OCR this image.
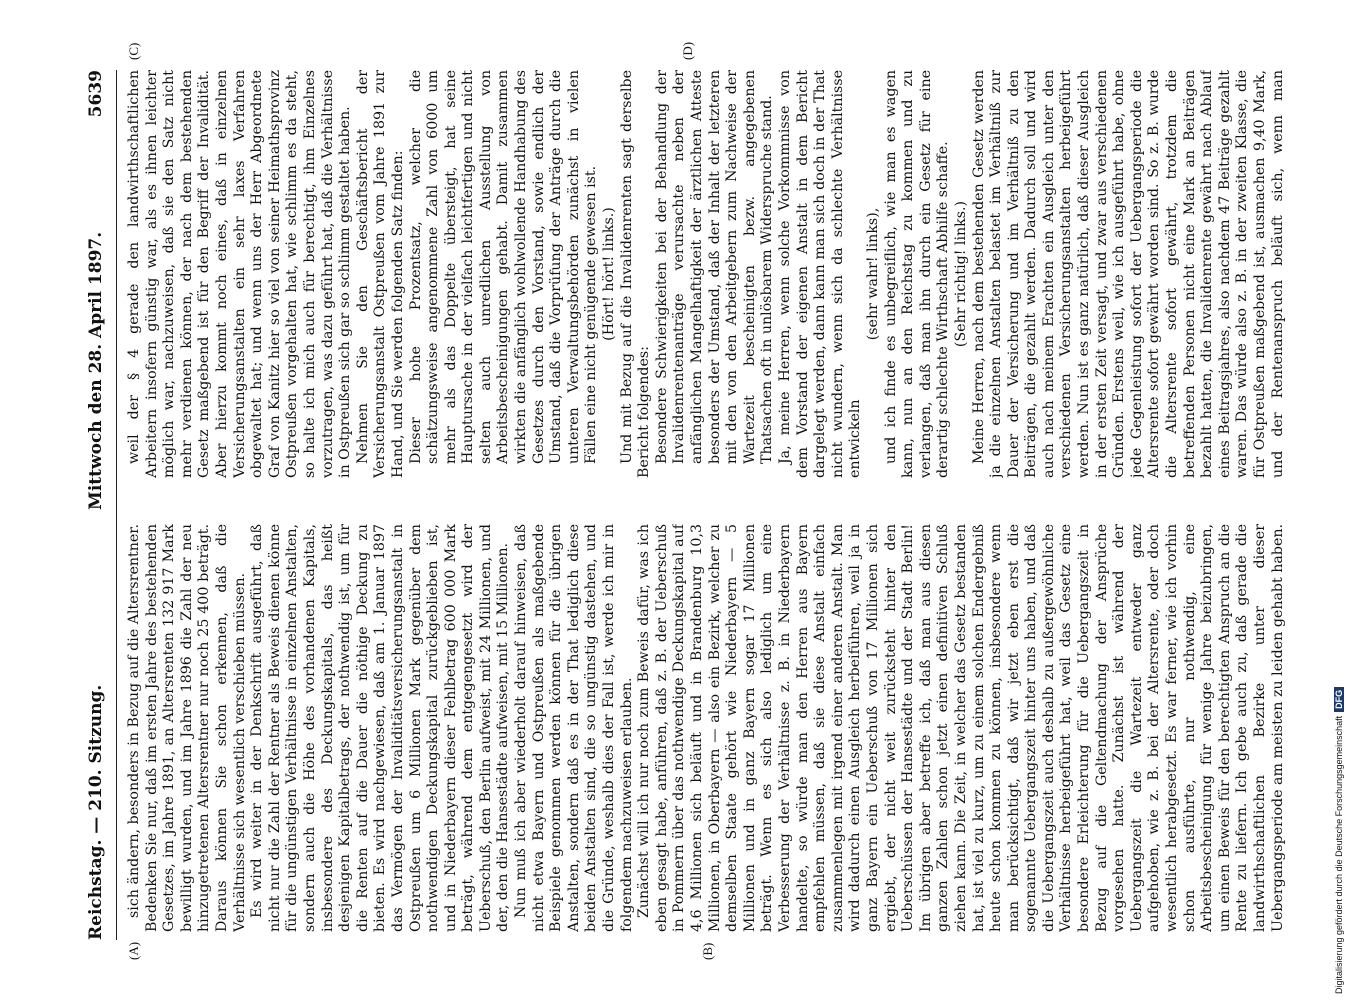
Reichstag. — 210. Sitzung.
Mittwoch den 28. April 1897.
5639
(A)	(B)
(C)	(D)

sich ändern, besonders in Bezug auf die Altersrentner. Bedenken Sie nur, daß im ersten Jahre des bestehenden Gesetzes, im Jahre 1891, an Altersrenten 132 917 Mark bewilligt wurden, und im Jahre 1896 die Zahl der neu hinzugetretenen Altersrentner nur noch 25 400 beträgt. Daraus können Sie schon erkennen, daß die Verhältnisse sich wesentlich verschieben müssen. Es wird weiter in der Denkschrift ausgeführt, daß nicht nur die Zahl der Rentner als Beweis dienen könne für die ungünstigen Verhältnisse in einzelnen Anstalten, sondern auch die Höhe des vorhandenen Kapitals, insbesondere des Deckungskapitals, das heißt desjenigen Kapitalbetrags, der nothwendig ist, um für die Renten auf die Dauer die nöthige Deckung zu bieten. Es wird nachgewiesen, daß am 1. Januar 1897 das Vermögen der Invaliditätsversicherungsanstalt in Ostpreußen um 6 Millionen Mark gegenüber dem nothwendigen Deckungskapital zurückgeblieben ist, und in Niederbayern dieser Fehlbetrag 600 000 Mark beträgt, während dem entgegengesetzt wird der Ueberschuß, den Berlin aufweist, mit 24 Millionen, und der, den die Hansestädte aufweisen, mit 15 Millionen. Nun muß ich aber wiederholt darauf hinweisen, daß nicht etwa Bayern und Ostpreußen als maßgebende Beispiele genommen werden können für die übrigen Anstalten, sondern daß es in der That lediglich diese beiden Anstalten sind, die so ungünstig dastehen, und die Gründe, weshalb dies der Fall ist, werde ich mir in folgendem nachzuweisen erlauben. Zunächst will ich nur noch zum Beweis dafür, was ich eben gesagt habe, anführen, daß z. B. der Ueberschuß in Pommern über das nothwendige Deckungskapital auf 4,6 Millionen sich beläuft und in Brandenburg 10,3 Millionen, in Oberbayern — also ein Bezirk, welcher zu demselben Staate gehört wie Niederbayern — 5 Millionen und in ganz Bayern sogar 17 Millionen beträgt. Wenn es sich also lediglich um eine Verbesserung der Verhältnisse z. B. in Niederbayern handelte, so würde man den Herren aus Bayern empfehlen müssen, daß sie diese Anstalt einfach zusammenlegen mit irgend einer anderen Anstalt. Man wird dadurch einen Ausgleich herbeiführen, weil ja in ganz Bayern ein Ueberschuß von 17 Millionen sich ergiebt, der nicht weit zurücksteht hinter den Ueberschüssen der Hansestädte und der Stadt Berlin! Im übrigen aber betreffe ich, daß man aus diesen ganzen Zahlen schon jetzt einen definitiven Schluß ziehen kann. Die Zeit, in welcher das Gesetz bestanden hat, ist viel zu kurz, um zu einem solchen Endergebniß heute schon kommen zu können, insbesondere wenn man berücksichtigt, daß wir jetzt eben erst die sogenannte Uebergangszeit hinter uns haben, und daß die Uebergangszeit auch deshalb zu außergewöhnliche Verhältnisse herbeigeführt hat, weil das Gesetz eine besondere Erleichterung für die Uebergangszeit in Bezug auf die Geltendmachung der Ansprüche vorgesehen hatte. Zunächst ist während der Uebergangszeit die Wartezeit entweder ganz aufgehoben, wie z. B. bei der Altersrente, oder doch wesentlich herabgesetzt. Es war ferner, wie ich vorhin schon ausführte, nur nothwendig, eine Arbeitsbescheinigung für wenige Jahre beizubringen, um einen Beweis für den berechtigten Anspruch an die Rente zu liefern. Ich gebe auch zu, daß gerade die landwirthschaftlichen Bezirke unter dieser Uebergangsperiode am meisten zu leiden gehabt haben.

weil der § 4 gerade den landwirthschaftlichen Arbeitern insofern günstig war, als es ihnen leichter möglich war, nachzuweisen, daß sie den Satz nicht mehr verdienen können, der nach dem bestehenden Gesetz maßgebend ist für den Begriff der Invalidität. Aber hierzu kommt noch eines, daß in einzelnen Versicherungsanstalten ein sehr laxes Verfahren obgewaltet hat; und wenn uns der Herr Abgeordnete Graf von Kanitz hier so viel von seiner Heimathsprovinz Ostpreußen vorgehalten hat, wie schlimm es da steht, so halte ich mich auch für berechtigt, ihm Einzelnes vorzutragen, was dazu geführt hat, daß die Verhältnisse in Ostpreußen sich gar so schlimm gestaltet haben. Nehmen Sie den Geschäftsbericht der Versicherungsanstalt Ostpreußen vom Jahre 1891 zur Hand, und Sie werden folgenden Satz finden: Dieser hohe Prozentsatz, welcher die schätzungsweise angenommene Zahl von 6000 um mehr als das Doppelte übersteigt, hat seine Hauptursache in der vielfach leichtfertigen und nicht selten auch unredlichen Ausstellung von Arbeitsbescheinigungen gehabt. Damit zusammen wirkten die anfänglich wohlwollende Handhabung des Gesetzes durch den Vorstand, sowie endlich der Umstand, daß die Vorprüfung der Anträge durch die unteren Verwaltungsbehörden zunächst in vielen Fällen eine nicht genügende gewesen ist. (Hört! hört! links.) Und mit Bezug auf die Invalidenrenten sagt derselbe Bericht folgendes: Besondere Schwierigkeiten bei der Behandlung der Invalidenrentenanträge verursachte neben der anfänglichen Mangelhaftigkeit der ärztlichen Atteste besonders der Umstand, daß der Inhalt der letzteren mit den von den Arbeitgebern zum Nachweise der Wartezeit bescheinigten bezw. angegebenen Thatsachen oft in unlösbarem Widerspruche stand. Ja, meine Herren, wenn solche Vorkommnisse von dem Vorstand der eigenen Anstalt in dem Bericht dargelegt werden, dann kann man sich doch in der That nicht wundern, wenn sich da schlechte Verhältnisse entwickeln

(sehr wahr! links), und ich finde es unbegreiflich, wie man es wagen kann, nun an den Reichstag zu kommen und zu verlangen, daß man ihn durch ein Gesetz für eine derartig schlechte Wirthschaft Abhilfe schaffe. (Sehr richtig! links.)

Meine Herren, nach dem bestehenden Gesetz werden ja die einzelnen Anstalten belastet im Verhältniß zur Dauer der Versicherung und im Verhältniß zu den Beiträgen, die gezahlt werden. Dadurch soll und wird auch nach meinem Erachten ein Ausgleich unter den verschiedenen Versicherungsanstalten herbeigeführt werden. Nun ist es ganz natürlich, daß dieser Ausgleich in der ersten Zeit versagt, und zwar aus verschiedenen Gründen. Erstens weil, wie ich ausgeführt habe, ohne jede Gegenleistung sofort der Uebergangsperiode die Altersrente sofort gewährt worden sind. So z. B. wurde die Altersrente sofort gewährt, trotzdem die betreffenden Personen nicht eine Mark an Beiträgen bezahlt hatten, die Invalidenrente gewährt nach Ablauf eines Beitragsjahres, also nachdem 47 Beiträge gezahlt waren. Das würde also z. B. in der zweiten Klasse, die für Ostpreußen maßgebend ist, ausmachen 9,40 Mark, und der Rentenanspruch beläuft sich, wenn man

Digitalisierung gefördert durch die Deutsche ForschungsgemeinschaftDFG
